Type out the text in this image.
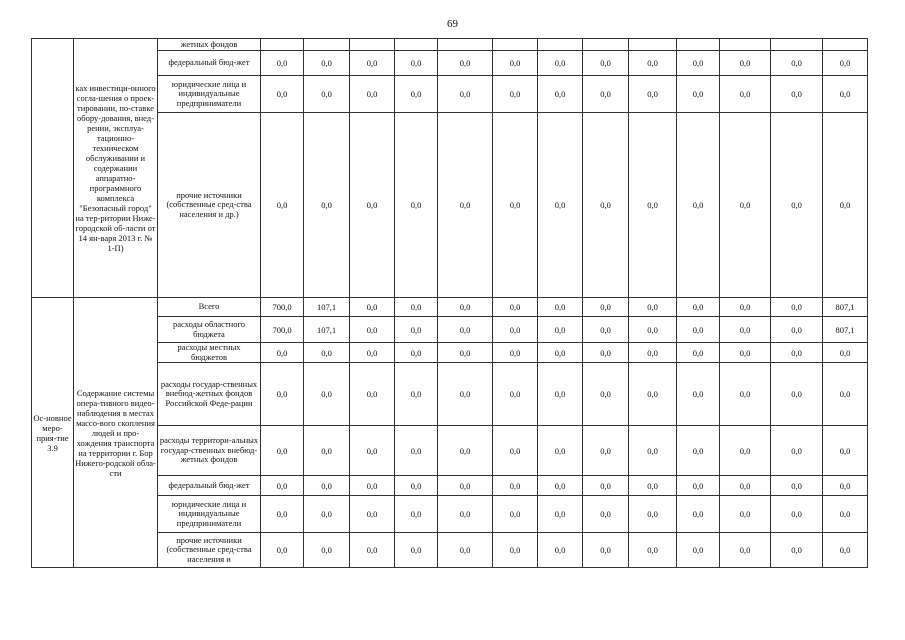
69
	ках инвестици-онного согла-шения о проек-тировании, по-ставке обору-дования, внед-рении, эксплуа-тационно-техническом обслуживании и содержании аппаратно-программного комплекса "Безопасный город" на тер-ритории Ниже-городской об-ласти от 14 ян-варя 2013 г. № 1-П)	жетных фондов													
		федеральный бюд-жет	0,0	0,0	0,0	0,0	0,0	0,0	0,0	0,0	0,0	0,0	0,0	0,0	0,0
		юридические лица и индивидуальные предприниматели	0,0	0,0	0,0	0,0	0,0	0,0	0,0	0,0	0,0	0,0	0,0	0,0	0,0
		прочие источники (собственные сред-ства населения и др.)	0,0	0,0	0,0	0,0	0,0	0,0	0,0	0,0	0,0	0,0	0,0	0,0	0,0
Ос-новное меро-прия-тие 3.9	Содержание системы опера-тивного видео-наблюдения в местах массо-вого скопления людей и про-хождения транспорта на территории г. Бор Нижего-родской обла-сти	Всего	700,0	107,1	0,0	0,0	0,0	0,0	0,0	0,0	0,0	0,0	0,0	0,0	807,1
		расходы областного бюджета	700,0	107,1	0,0	0,0	0,0	0,0	0,0	0,0	0,0	0,0	0,0	0,0	807,1
		расходы местных бюджетов	0,0	0,0	0,0	0,0	0,0	0,0	0,0	0,0	0,0	0,0	0,0	0,0	0,0
		расходы государ-ственных внебюд-жетных фондов Российской Феде-рации	0,0	0,0	0,0	0,0	0,0	0,0	0,0	0,0	0,0	0,0	0,0	0,0	0,0
		расходы территори-альных государ-ственных внебюд-жетных фондов	0,0	0,0	0,0	0,0	0,0	0,0	0,0	0,0	0,0	0,0	0,0	0,0	0,0
		федеральный бюд-жет	0,0	0,0	0,0	0,0	0,0	0,0	0,0	0,0	0,0	0,0	0,0	0,0	0,0
		юридические лица и индивидуальные предприниматели	0,0	0,0	0,0	0,0	0,0	0,0	0,0	0,0	0,0	0,0	0,0	0,0	0,0
		прочие источники (собственные сред-ства населения и	0,0	0,0	0,0	0,0	0,0	0,0	0,0	0,0	0,0	0,0	0,0	0,0	0,0
